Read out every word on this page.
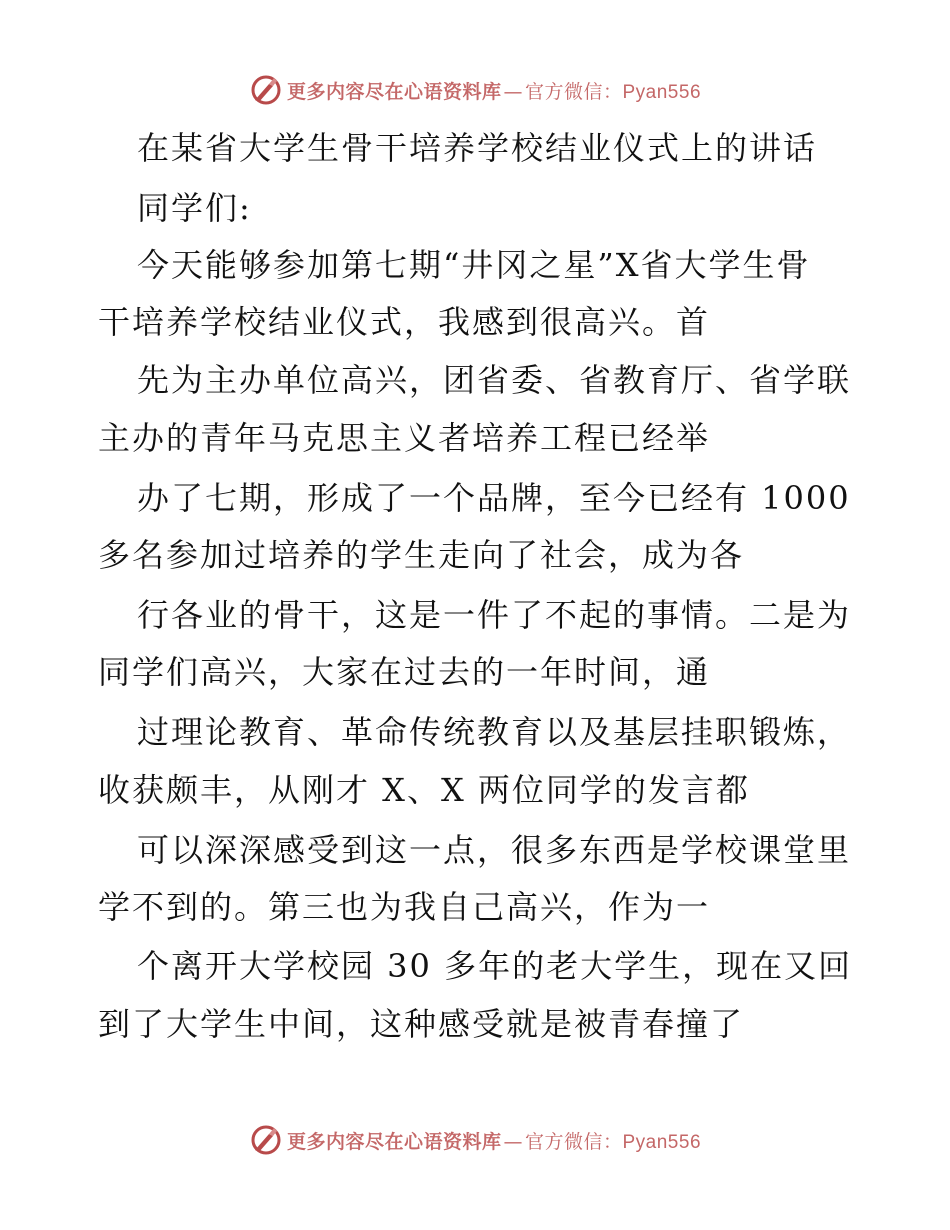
更多内容尽在心语资料库 — 官方微信：Pyan556
在某省大学生骨干培养学校结业仪式上的讲话
同学们:
今天能够参加第七期“井冈之星”X省大学生骨
干培养学校结业仪式，我感到很高兴。首
先为主办单位高兴，团省委、省教育厅、省学联
主办的青年马克思主义者培养工程已经举
办了七期，形成了一个品牌，至今已经有 1000
多名参加过培养的学生走向了社会，成为各
行各业的骨干，这是一件了不起的事情。二是为
同学们高兴，大家在过去的一年时间，通
过理论教育、革命传统教育以及基层挂职锻炼，
收获颇丰，从刚才 X、X 两位同学的发言都
可以深深感受到这一点，很多东西是学校课堂里
学不到的。第三也为我自己高兴，作为一
个离开大学校园 30 多年的老大学生，现在又回
到了大学生中间，这种感受就是被青春撞了
更多内容尽在心语资料库 — 官方微信：Pyan556
